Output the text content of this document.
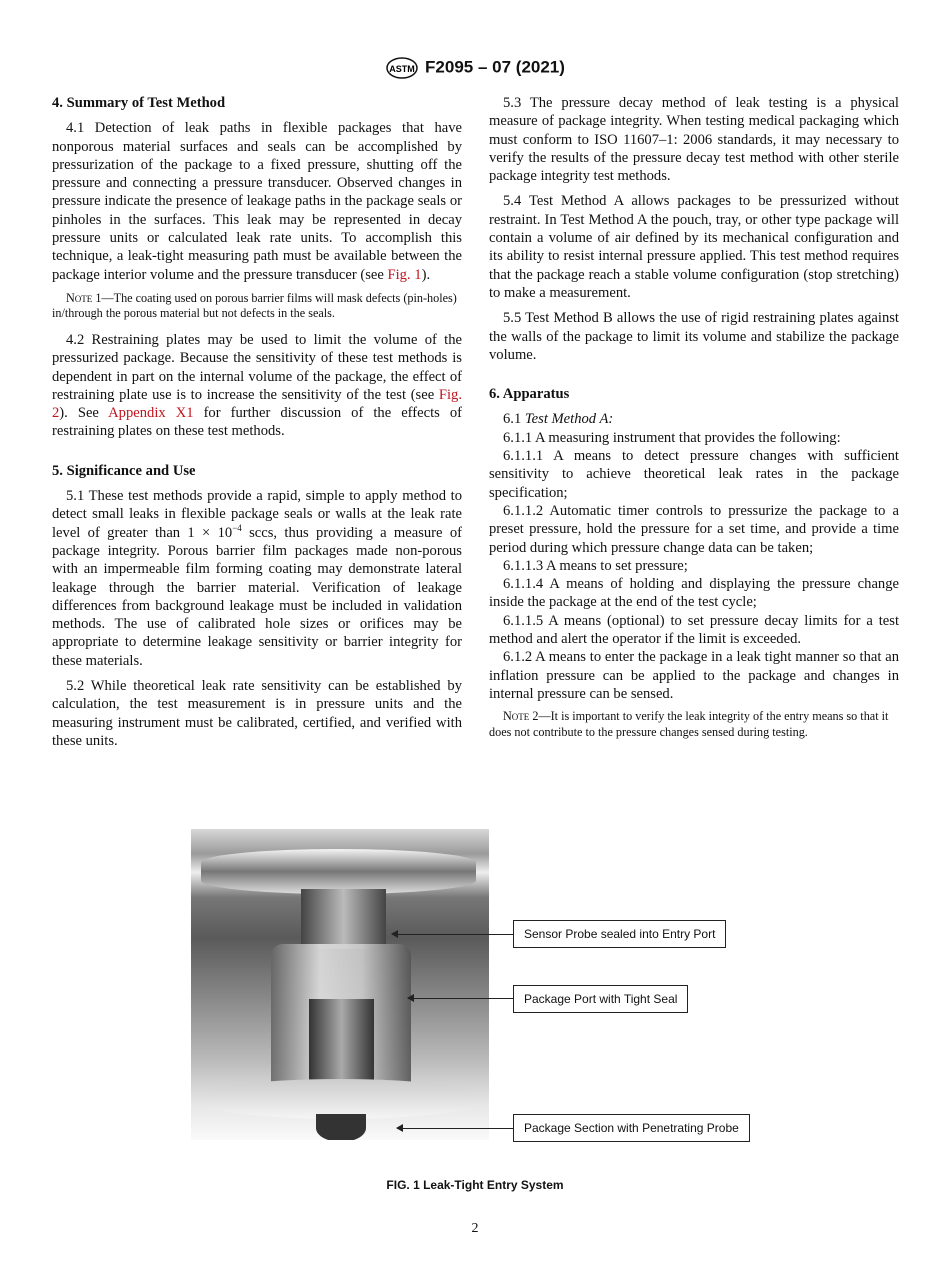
ASTM F2095 – 07 (2021)
4. Summary of Test Method

4.1 Detection of leak paths in flexible packages that have nonporous material surfaces and seals can be accomplished by pressurization of the package to a fixed pressure, shutting off the pressure and connecting a pressure transducer. Observed changes in pressure indicate the presence of leakage paths in the package seals or pinholes in the surfaces. This leak may be represented in decay pressure units or calculated leak rate units. To accomplish this technique, a leak-tight measuring path must be available between the package interior volume and the pressure transducer (see Fig. 1).

Note 1—The coating used on porous barrier films will mask defects (pin-holes) in/through the porous material but not defects in the seals.

4.2 Restraining plates may be used to limit the volume of the pressurized package. Because the sensitivity of these test methods is dependent in part on the internal volume of the package, the effect of restraining plate use is to increase the sensitivity of the test (see Fig. 2). See Appendix X1 for further discussion of the effects of restraining plates on these test methods.

5. Significance and Use

5.1 These test methods provide a rapid, simple to apply method to detect small leaks in flexible package seals or walls at the leak rate level of greater than $1 \times 10^{-4}$ sccs, thus providing a measure of package integrity. Porous barrier film packages made non-porous with an impermeable film forming coating may demonstrate lateral leakage through the barrier material. Verification of leakage differences from background leakage must be included in validation methods. The use of calibrated hole sizes or orifices may be appropriate to determine leakage sensitivity or barrier integrity for these materials.

5.2 While theoretical leak rate sensitivity can be established by calculation, the test measurement is in pressure units and the measuring instrument must be calibrated, certified, and verified with these units.

5.3 The pressure decay method of leak testing is a physical measure of package integrity. When testing medical packaging which must conform to ISO 11607–1: 2006 standards, it may necessary to verify the results of the pressure decay test method with other sterile package integrity test methods.

5.4 Test Method A allows packages to be pressurized without restraint. In Test Method A the pouch, tray, or other type package will contain a volume of air defined by its mechanical configuration and its ability to resist internal pressure applied. This test method requires that the package reach a stable volume configuration (stop stretching) to make a measurement.

5.5 Test Method B allows the use of rigid restraining plates against the walls of the package to limit its volume and stabilize the package volume.

6. Apparatus

6.1 Test Method A:

6.1.1 A measuring instrument that provides the following:

6.1.1.1 A means to detect pressure changes with sufficient sensitivity to achieve theoretical leak rates in the package specification;

6.1.1.2 Automatic timer controls to pressurize the package to a preset pressure, hold the pressure for a set time, and provide a time period during which pressure change data can be taken;

6.1.1.3 A means to set pressure;

6.1.1.4 A means of holding and displaying the pressure change inside the package at the end of the test cycle;

6.1.1.5 A means (optional) to set pressure decay limits for a test method and alert the operator if the limit is exceeded.

6.1.2 A means to enter the package in a leak tight manner so that an inflation pressure can be applied to the package and changes in internal pressure can be sensed.

Note 2—It is important to verify the leak integrity of the entry means so that it does not contribute to the pressure changes sensed during testing.
Sensor Probe sealed into Entry Port
Package Port with Tight Seal
Package Section with Penetrating Probe
FIG. 1 Leak-Tight Entry System
2
